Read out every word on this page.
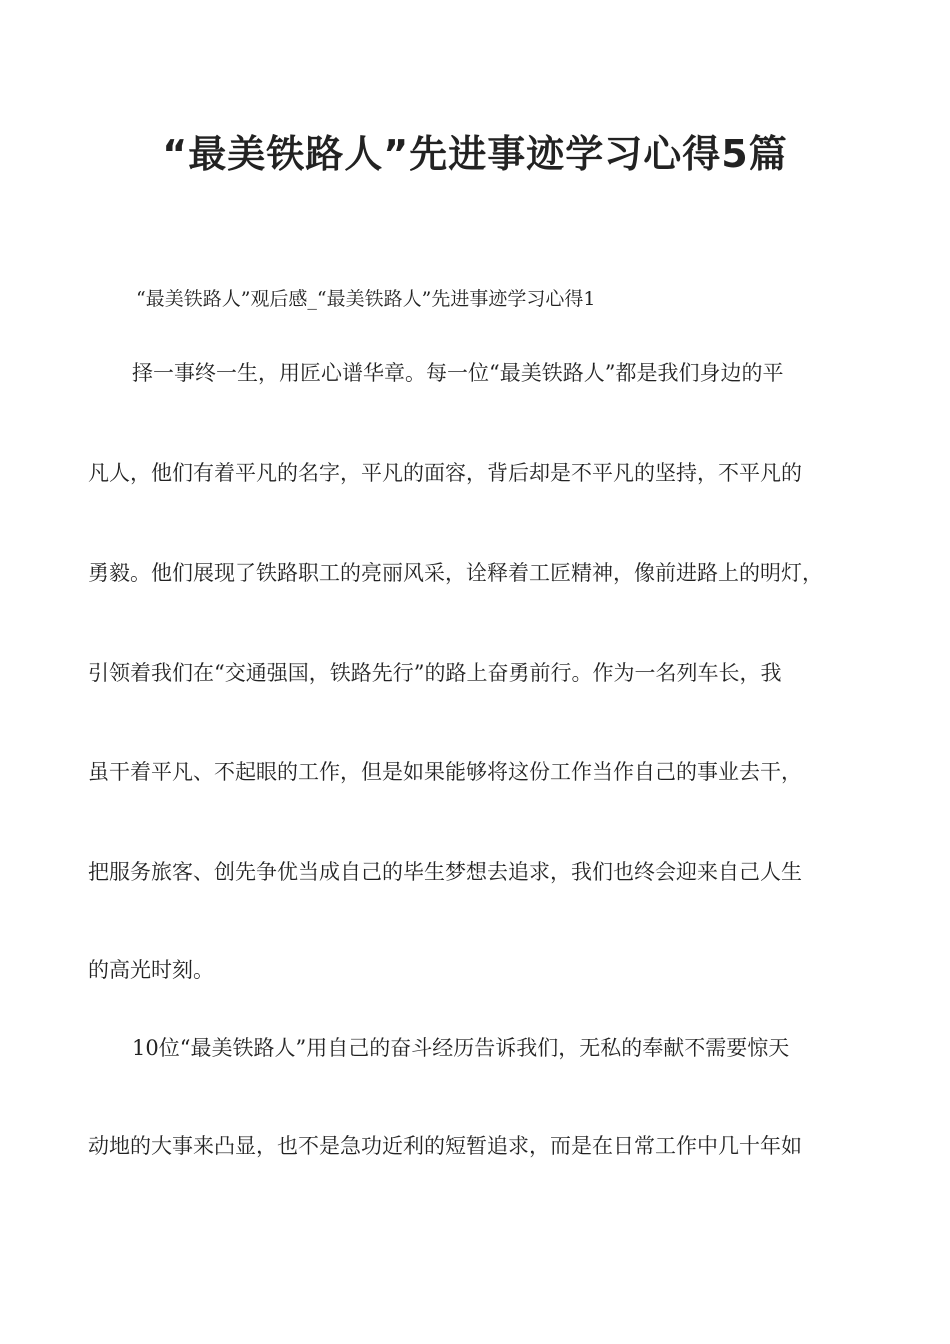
“最美铁路人”先进事迹学习心得5篇
“最美铁路人”观后感_“最美铁路人”先进事迹学习心得1
择一事终一生，用匠心谱华章。每一位“最美铁路人”都是我们身边的平
凡人，他们有着平凡的名字，平凡的面容，背后却是不平凡的坚持，不平凡的
勇毅。他们展现了铁路职工的亮丽风采，诠释着工匠精神，像前进路上的明灯，
引领着我们在“交通强国，铁路先行”的路上奋勇前行。作为一名列车长，我
虽干着平凡、不起眼的工作，但是如果能够将这份工作当作自己的事业去干，
把服务旅客、创先争优当成自己的毕生梦想去追求，我们也终会迎来自己人生
的高光时刻。
10位“最美铁路人”用自己的奋斗经历告诉我们，无私的奉献不需要惊天
动地的大事来凸显，也不是急功近利的短暂追求，而是在日常工作中几十年如
